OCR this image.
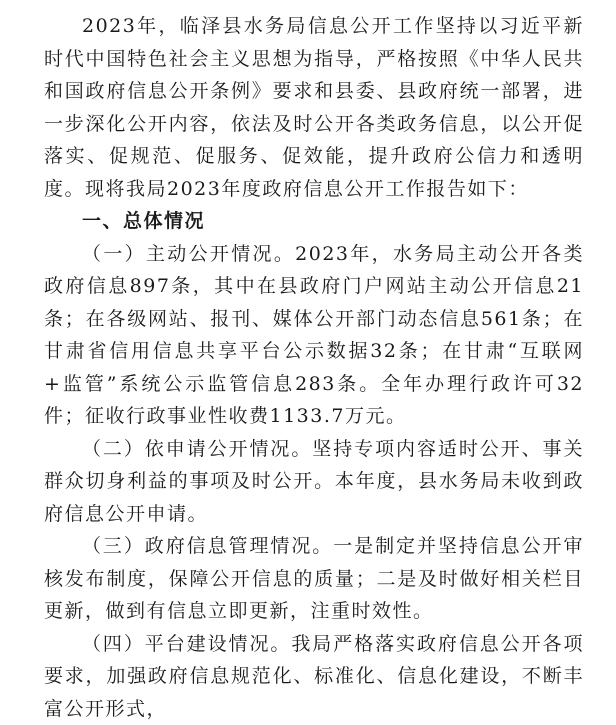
2023年，临泽县水务局信息公开工作坚持以习近平新时代中国特色社会主义思想为指导，严格按照《中华人民共和国政府信息公开条例》要求和县委、县政府统一部署，进一步深化公开内容，依法及时公开各类政务信息，以公开促落实、促规范、促服务、促效能，提升政府公信力和透明度。现将我局2023年度政府信息公开工作报告如下：

一、总体情况

（一）主动公开情况。2023年，水务局主动公开各类政府信息897条，其中在县政府门户网站主动公开信息21条；在各级网站、报刊、媒体公开部门动态信息561条；在甘肃省信用信息共享平台公示数据32条；在甘肃“互联网+监管”系统公示监管信息283条。全年办理行政许可32件；征收行政事业性收费1133.7万元。

（二）依申请公开情况。坚持专项内容适时公开、事关群众切身利益的事项及时公开。本年度，县水务局未收到政府信息公开申请。

（三）政府信息管理情况。一是制定并坚持信息公开审核发布制度，保障公开信息的质量；二是及时做好相关栏目更新，做到有信息立即更新，注重时效性。

（四）平台建设情况。我局严格落实政府信息公开各项要求，加强政府信息规范化、标准化、信息化建设，不断丰富公开形式，
